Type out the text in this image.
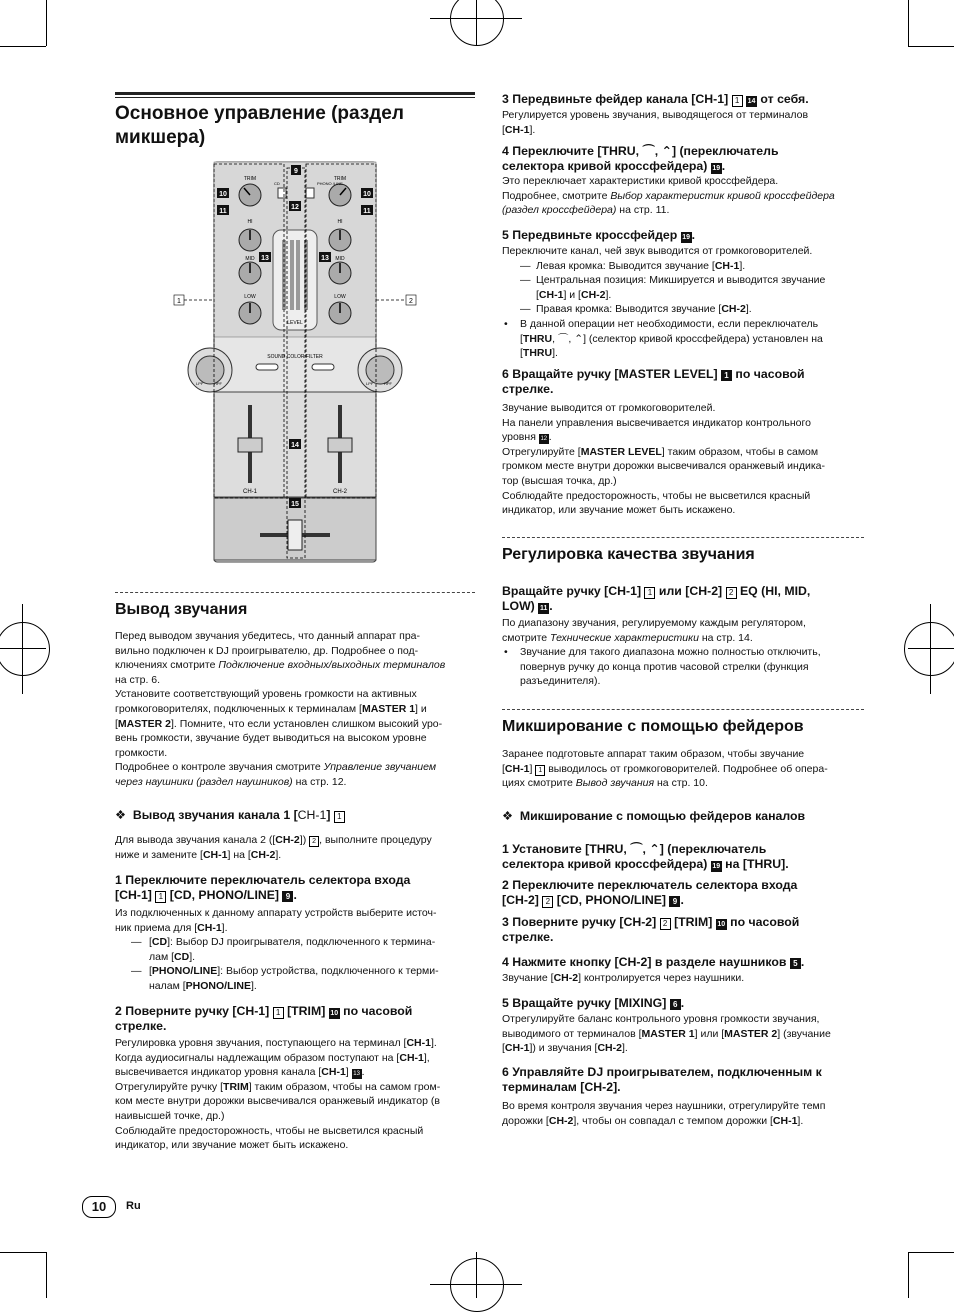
Основное управление (раздел
микшера)
TRIM	TRIM
HI	HI
MID	MID
LOW	LOW
LEVEL
CD	PHONO /LINE
SOUND COLOR FILTER
LPF	HPF	LPF	HPF
CH-1	CH-2
9
10	10
11	11
12
13	13
14
15
1	2
Вывод звучания
Перед выводом звучания убедитесь, что данный аппарат пра-
вильно подключен к DJ проигрывателю, др. Подробнее о под-
ключениях смотрите Подключение входных/выходных терминалов
на стр. 6.
Установите соответствующий уровень громкости на активных
громкоговорителях, подключенных к терминалам [MASTER 1] и
[MASTER 2]. Помните, что если установлен слишком высокий уро-
вень громкости, звучание будет выводиться на высоком уровне
громкости.
Подробнее о контроле звучания смотрите Управление звучанием
через наушники (раздел наушников) на стр. 12.
❖ Вывод звучания канала 1 [CH-1] 1
Для вывода звучания канала 2 ([CH-2]) 2 , выполните процедуру
ниже и замените [CH-1] на [CH-2].
1 Переключите переключатель селектора входа
[CH-1] 1 [CD, PHONO/LINE] 9 .
Из подключенных к данному аппарату устройств выберите источ-
ник приема для [CH-1].
— [CD]: Выбор DJ проигрывателя, подключенного к термина-
лам [CD].
— [PHONO/LINE]: Выбор устройства, подключенного к терми-
налам [PHONO/LINE].
2 Поверните ручку [CH-1] 1 [TRIM] 10 по часовой
стрелке.
Регулировка уровня звучания, поступающего на терминал [CH-1].
Когда аудиосигналы надлежащим образом поступают на [CH-1],
высвечивается индикатор уровня канала [CH-1] 13 .
Отрегулируйте ручку [TRIM] таким образом, чтобы на самом гром-
ком месте внутри дорожки высвечивался оранжевый индикатор (в
наивысшей точке, др.)
Соблюдайте предосторожность, чтобы не высветился красный
индикатор, или звучание может быть искажено.
3 Передвиньте фейдер канала [CH-1] 1 14 от себя.
Регулируется уровень звучания, выводящегося от терминалов
[CH-1].
4 Переключите [THRU, ⌒, ⌃] (переключатель
селектора кривой кроссфейдера) 19 .
Это переключает характеристики кривой кроссфейдера.
Подробнее, смотрите Выбор характеристик кривой кроссфейдера
(раздел кроссфейдера) на стр. 11.
5 Передвиньте кроссфейдер 19 .
Переключите канал, чей звук выводится от громкоговорителей.
— Левая кромка: Выводится звучание [CH-1].
— Центральная позиция: Микшируется и выводится звучание
[CH-1] и [CH-2].
— Правая кромка: Выводится звучание [CH-2].
• В данной операции нет необходимости, если переключатель
[THRU, ⌒, ⌃] (селектор кривой кроссфейдера) установлен на
[THRU].
6 Вращайте ручку [MASTER LEVEL] 1 по часовой
стрелке.
Звучание выводится от громкоговорителей.
На панели управления высвечивается индикатор контрольного
уровня 12 .
Отрегулируйте [MASTER LEVEL] таким образом, чтобы в самом
громком месте внутри дорожки высвечивался оранжевый индика-
тор (высшая точка, др.)
Соблюдайте предосторожность, чтобы не высветился красный
индикатор, или звучание может быть искажено.
Регулировка качества звучания
Вращайте ручку [CH-1] 1 или [CH-2] 2 EQ (HI, MID,
LOW) 11 .
По диапазону звучания, регулируемому каждым регулятором,
смотрите Технические характеристики на стр. 14.
• Звучание для такого диапазона можно полностью отключить,
повернув ручку до конца против часовой стрелки (функция
разъединителя).
Микширование с помощью фейдеров
Заранее подготовьте аппарат таким образом, чтобы звучание
[CH-1] 1 выводилось от громкоговорителей. Подробнее об опера-
циях смотрите Вывод звучания на стр. 10.
❖ Микширование с помощью фейдеров каналов
1 Установите [THRU, ⌒, ⌃] (переключатель
селектора кривой кроссфейдера) 19 на [THRU].
2 Переключите переключатель селектора входа
[CH-2] 2 [CD, PHONO/LINE] 9 .
3 Поверните ручку [CH-2] 2 [TRIM] 10 по часовой
стрелке.
4 Нажмите кнопку [CH-2] в разделе наушников 5 .
Звучание [CH-2] контролируется через наушники.
5 Вращайте ручку [MIXING] 6 .
Отрегулируйте баланс контрольного уровня громкости звучания,
выводимого от терминалов [MASTER 1] или [MASTER 2] (звучание
[CH-1]) и звучания [CH-2].
6 Управляйте DJ проигрывателем, подключенным к
терминалам [CH-2].
Во время контроля звучания через наушники, отрегулируйте темп
дорожки [CH-2], чтобы он совпадал с темпом дорожки [CH-1].
10	Ru
